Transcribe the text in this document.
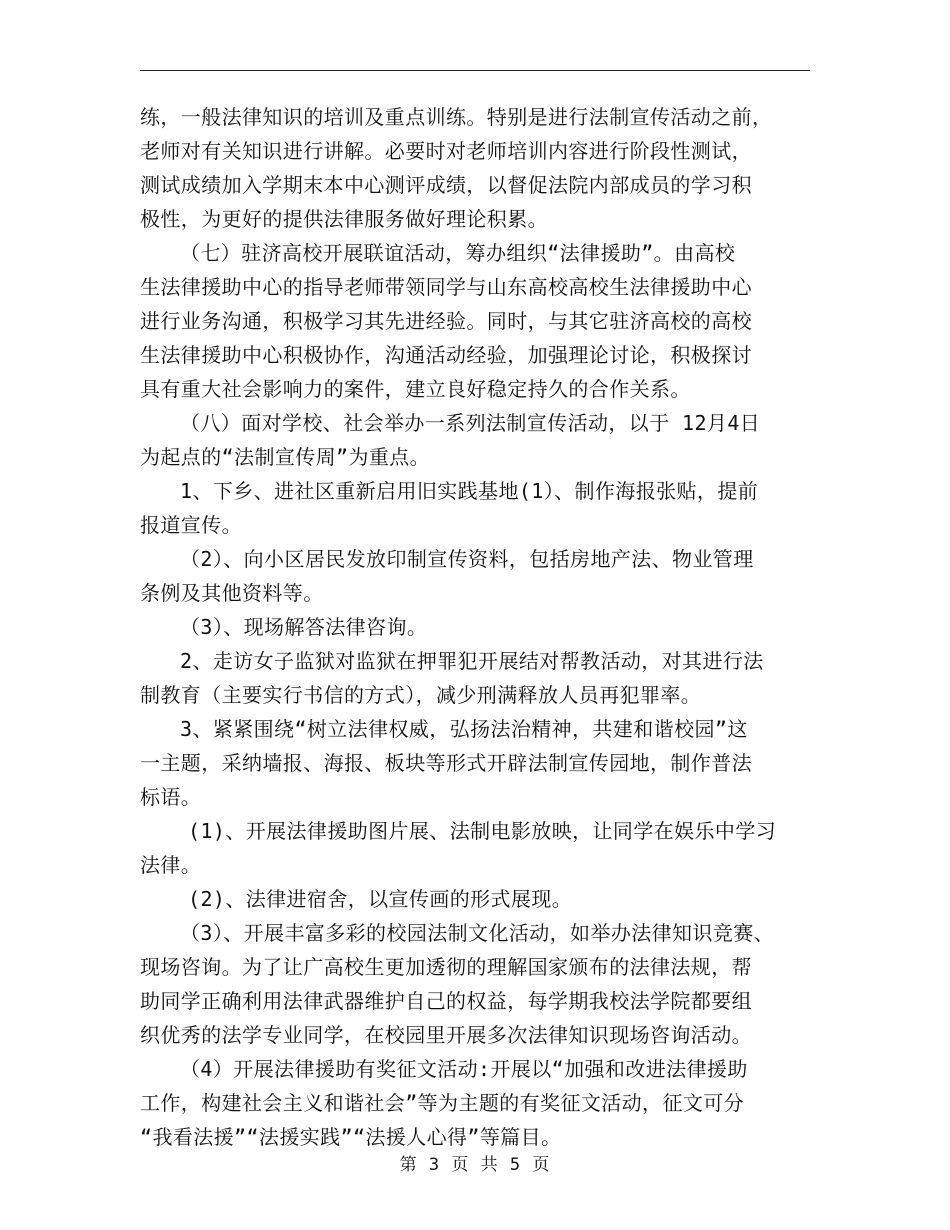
练，一般法律知识的培训及重点训练。特别是进行法制宣传活动之前，
老师对有关知识进行讲解。必要时对老师培训内容进行阶段性测试，
测试成绩加入学期末本中心测评成绩，以督促法院内部成员的学习积
极性，为更好的提供法律服务做好理论积累。
（七）驻济高校开展联谊活动，筹办组织“法律援助”。由高校
生法律援助中心的指导老师带领同学与山东高校高校生法律援助中心
进行业务沟通，积极学习其先进经验。同时，与其它驻济高校的高校
生法律援助中心积极协作，沟通活动经验，加强理论讨论，积极探讨
具有重大社会影响力的案件，建立良好稳定持久的合作关系。
（八）面对学校、社会举办一系列法制宣传活动，以于 12月4日
为起点的“法制宣传周”为重点。
1、下乡、进社区重新启用旧实践基地(1）、制作海报张贴，提前
报道宣传。
（2）、向小区居民发放印制宣传资料，包括房地产法、物业管理
条例及其他资料等。
（3）、现场解答法律咨询。
2、走访女子监狱对监狱在押罪犯开展结对帮教活动，对其进行法
制教育（主要实行书信的方式），减少刑满释放人员再犯罪率。
3、紧紧围绕“树立法律权威，弘扬法治精神，共建和谐校园”这
一主题，采纳墙报、海报、板块等形式开辟法制宣传园地，制作普法
标语。
(1)、开展法律援助图片展、法制电影放映，让同学在娱乐中学习
法律。
(2)、法律进宿舍，以宣传画的形式展现。
（3）、开展丰富多彩的校园法制文化活动，如举办法律知识竞赛、
现场咨询。为了让广高校生更加透彻的理解国家颁布的法律法规，帮
助同学正确利用法律武器维护自己的权益，每学期我校法学院都要组
织优秀的法学专业同学，在校园里开展多次法律知识现场咨询活动。
（4）开展法律援助有奖征文活动:开展以“加强和改进法律援助
工作，构建社会主义和谐社会”等为主题的有奖征文活动，征文可分
“我看法援”“法援实践”“法援人心得”等篇目。
第 3 页 共 5 页
